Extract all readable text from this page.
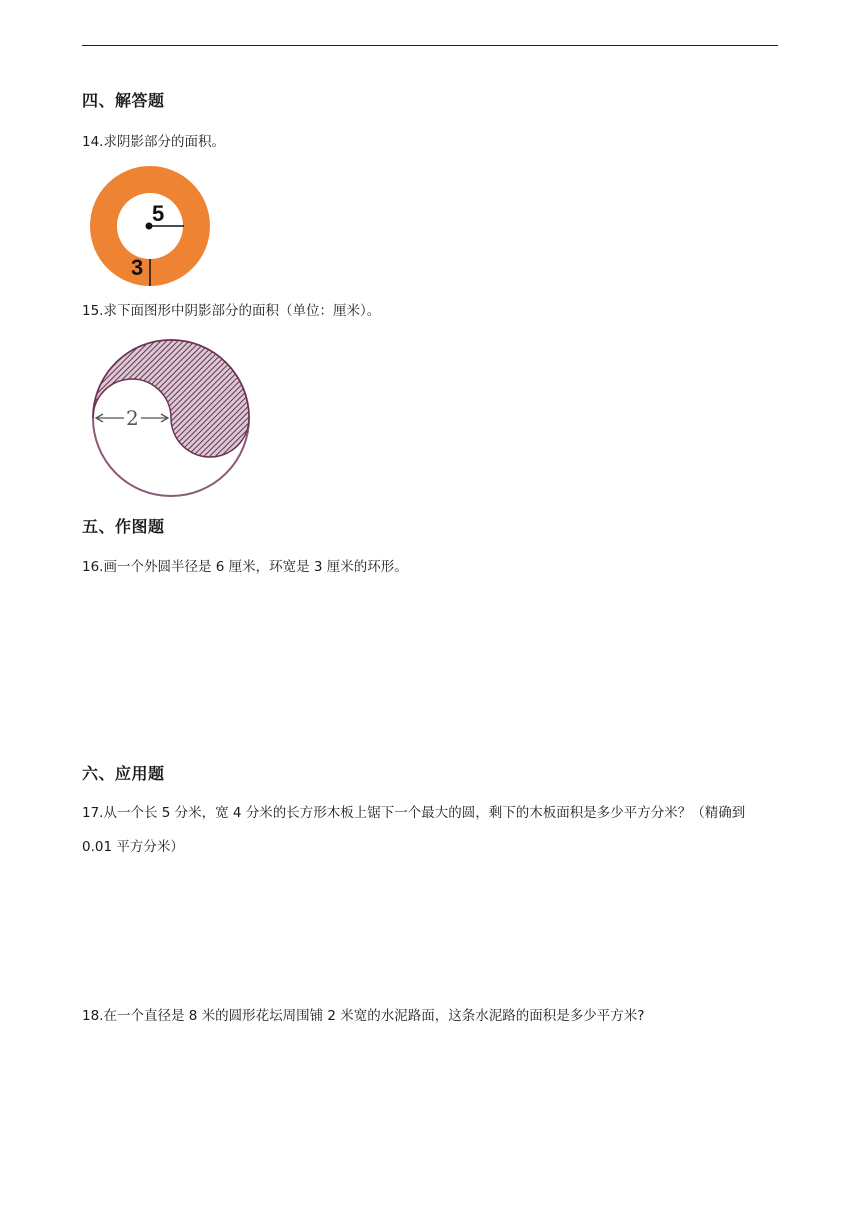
四、解答题
14.求阴影部分的面积。
5
3
15.求下面图形中阴影部分的面积（单位：厘米）。
2
五、作图题
16.画一个外圆半径是 6 厘米，环宽是 3 厘米的环形。
六、应用题
17.从一个长 5 分米，宽 4 分米的长方形木板上锯下一个最大的圆，剩下的木板面积是多少平方分米？（精确到 0.01 平方分米）
18.在一个直径是 8 米的圆形花坛周围铺 2 米宽的水泥路面，这条水泥路的面积是多少平方米?
